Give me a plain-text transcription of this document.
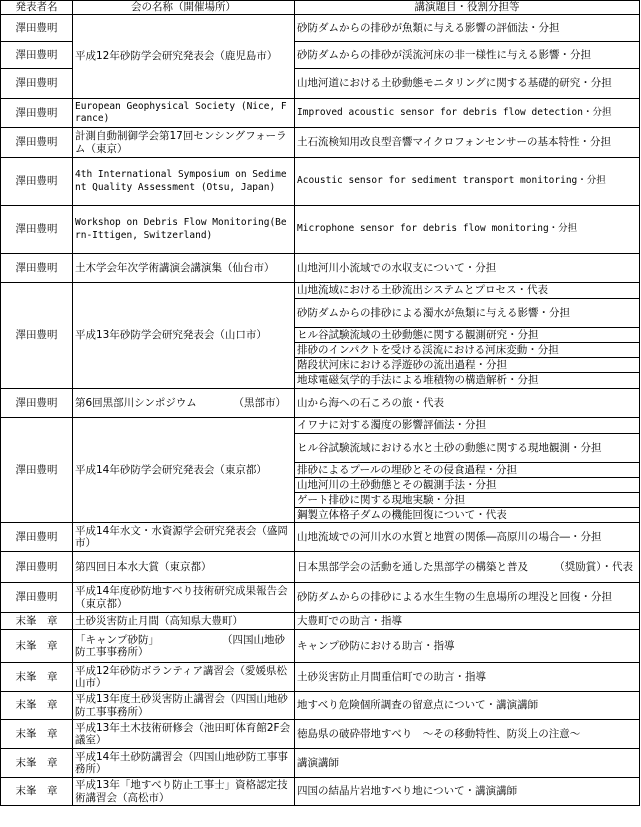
発表者名	会の名称（開催場所）	講演題目・役割分担等
澤田豊明	平成12年砂防学会研究発表会（鹿児島市）	砂防ダムからの排砂が魚類に与える影響の評価法・分担
澤田豊明		砂防ダムからの排砂が渓流河床の非一様性に与える影響・分担
澤田豊明		山地河道における土砂動態モニタリングに関する基礎的研究・分担
澤田豊明	European Geophysical Society (Nice, France)	Improved acoustic sensor for debris flow detection・分担
澤田豊明	計測自動制御学会第17回センシングフォーラム（東京）	土石流検知用改良型音響マイクロフォンセンサーの基本特性・分担
澤田豊明	4th International Symposium on Sediment Quality Assessment (Otsu, Japan)	Acoustic sensor for sediment transport monitoring・分担
澤田豊明	Workshop on Debris Flow Monitoring(Bern-Ittigen, Switzerland)	Microphone sensor for debris flow monitoring・分担
澤田豊明	土木学会年次学術講演会講演集（仙台市）	山地河川小流域での水収支について・分担
澤田豊明	平成13年砂防学会研究発表会（山口市）	山地流域における土砂流出システムとプロセス・代表
		砂防ダムからの排砂による濁水が魚類に与える影響・分担
		ヒル谷試験流域の土砂動態に関する観測研究・分担
		排砂のインパクトを受ける渓流における河床変動・分担
		階段状河床における浮遊砂の流出過程・分担
		地球電磁気学的手法による堆積物の構造解析・分担
澤田豊明	第6回黒部川シンポジウム　　　　（黒部市）	山から海への石ころの旅・代表
澤田豊明	平成14年砂防学会研究発表会（東京都）	イワナに対する濁度の影響評価法・分担
		ヒル谷試験流域における水と土砂の動態に関する現地観測・分担
		排砂によるプールの埋砂とその侵食過程・分担
		山地河川の土砂動態とその観測手法・分担
		ゲート排砂に関する現地実験・分担
		鋼製立体格子ダムの機能回復について・代表
澤田豊明	平成14年水文・水資源学会研究発表会（盛岡市）	山地流域での河川水の水質と地質の関係―高原川の場合―・分担
澤田豊明	第四回日本水大賞（東京都）	日本黒部学会の活動を通した黒部学の構築と普及　　　（奨励賞）・代表
澤田豊明	平成14年度砂防地すべり技術研究成果報告会（東京都）	砂防ダムからの排砂による水生生物の生息場所の埋没と回復・分担
末峯　章	土砂災害防止月間（高知県大豊町）	大豊町での助言・指導
末峯　章	「キャンプ砂防」　　　　　　　（四国山地砂防工事事務所）	キャンプ砂防における助言・指導
末峯　章	平成12年砂防ボランティア講習会（愛媛県松山市）	土砂災害防止月間重信町での助言・指導
末峯　章	平成13年度土砂災害防止講習会（四国山地砂防工事事務所）	地すべり危険個所調査の留意点について・講演講師
末峯　章	平成13年土木技術研修会（池田町体育館2F会議室）	徳島県の破砕帯地すべり　～その移動特性、防災上の注意～
末峯　章	平成14年土砂防講習会（四国山地砂防工事事務所）	講演講師
末峯　章	平成13年「地すべり防止工事士」資格認定技術講習会（高松市）	四国の結晶片岩地すべり地について・講演講師
